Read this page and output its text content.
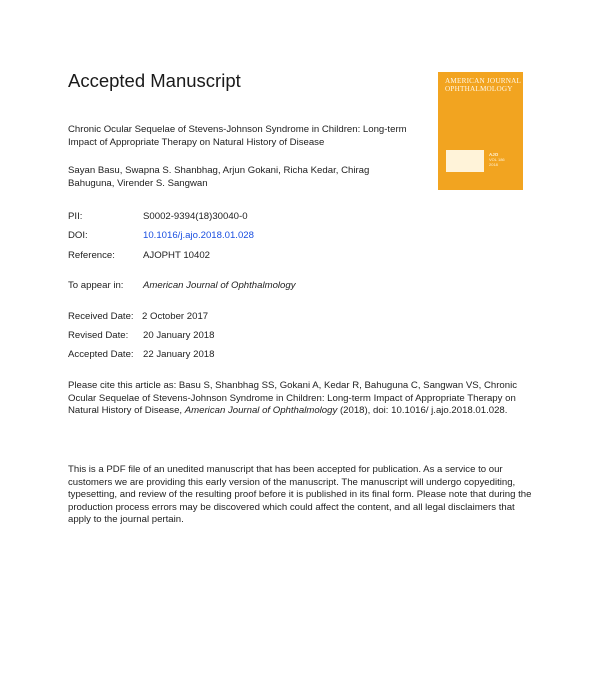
Accepted Manuscript	AMERICAN JOURNAL
OPHTHALMOLOGY
AJO
VOL 186
2018

Chronic Ocular Sequelae of Stevens-Johnson Syndrome in Children: Long-term Impact of Appropriate Therapy on Natural History of Disease

Sayan Basu, Swapna S. Shanbhag, Arjun Gokani, Richa Kedar, Chirag Bahuguna, Virender S. Sangwan

PII:	S0002-9394(18)30040-0
DOI:	10.1016/j.ajo.2018.01.028
Reference:	AJOPHT 10402
To appear in: American Journal of Ophthalmology
Received Date: 2 October 2017
Revised Date: 20 January 2018
Accepted Date: 22 January 2018

Please cite this article as: Basu S, Shanbhag SS, Gokani A, Kedar R, Bahuguna C, Sangwan VS, Chronic Ocular Sequelae of Stevens-Johnson Syndrome in Children: Long-term Impact of Appropriate Therapy on Natural History of Disease, American Journal of Ophthalmology (2018), doi: 10.1016/ j.ajo.2018.01.028.

This is a PDF file of an unedited manuscript that has been accepted for publication. As a service to our customers we are providing this early version of the manuscript. The manuscript will undergo copyediting, typesetting, and review of the resulting proof before it is published in its final form. Please note that during the production process errors may be discovered which could affect the content, and all legal disclaimers that apply to the journal pertain.
